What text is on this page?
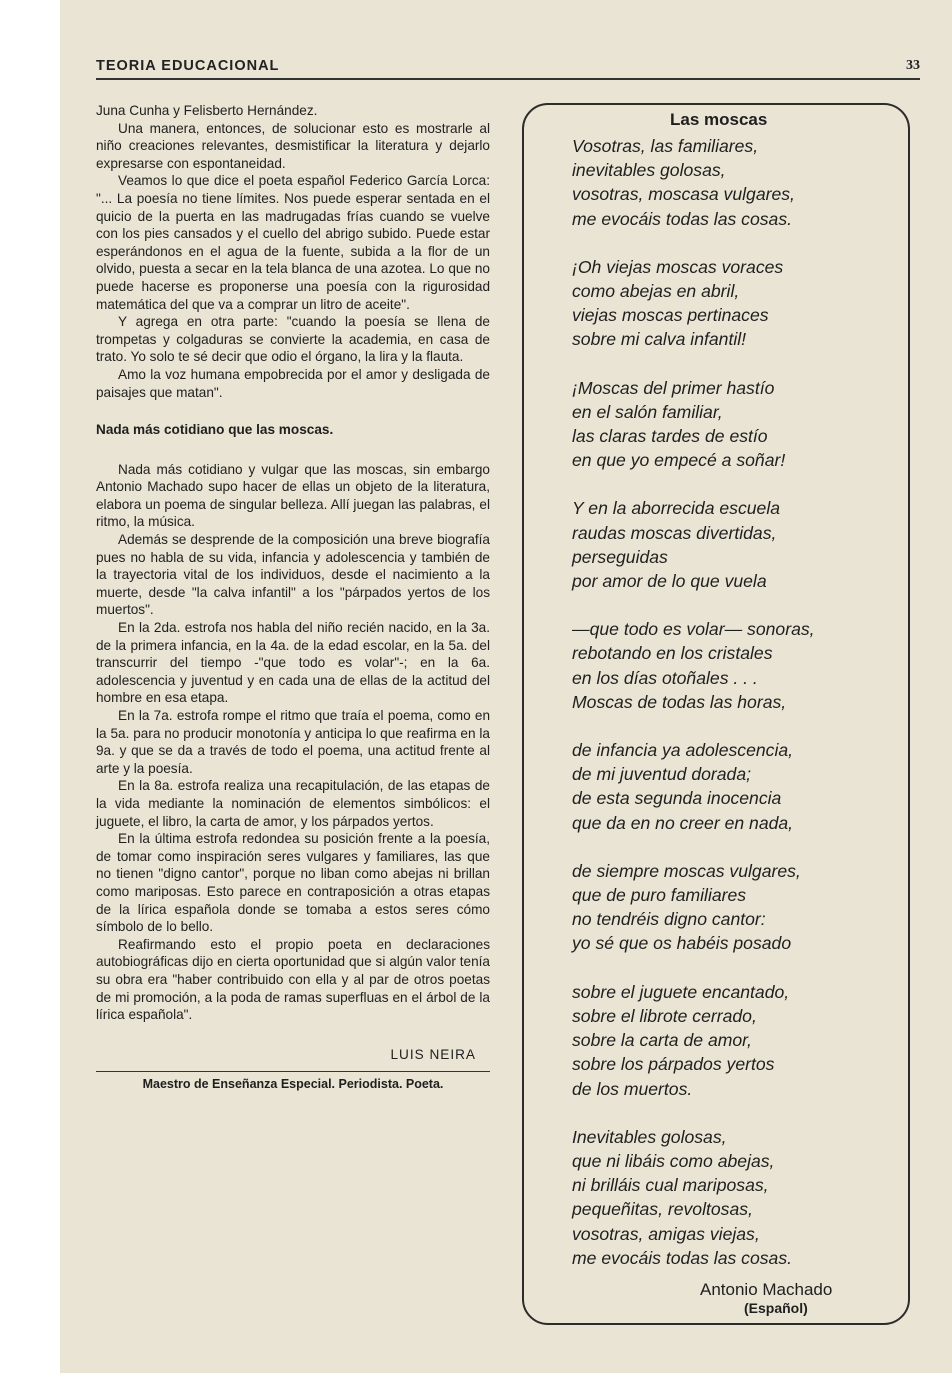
TEORIA EDUCACIONAL	33

Juna Cunha y Felisberto Hernández.

Una manera, entonces, de solucionar esto es mostrarle al niño creaciones relevantes, desmistificar la literatura y dejarlo expresarse con espontaneidad.

Veamos lo que dice el poeta español Federico García Lorca: "... La poesía no tiene límites. Nos puede esperar sentada en el quicio de la puerta en las madrugadas frías cuando se vuelve con los pies cansados y el cuello del abrigo subido. Puede estar esperándonos en el agua de la fuente, subida a la flor de un olvido, puesta a secar en la tela blanca de una azotea. Lo que no puede hacerse es proponerse una poesía con la rigurosidad matemática del que va a comprar un litro de aceite".

Y agrega en otra parte: "cuando la poesía se llena de trompetas y colgaduras se convierte la academia, en casa de trato. Yo solo te sé decir que odio el órgano, la lira y la flauta.

Amo la voz humana empobrecida por el amor y desligada de paisajes que matan".

Nada más cotidiano que las moscas.

Nada más cotidiano y vulgar que las moscas, sin embargo Antonio Machado supo hacer de ellas un objeto de la literatura, elabora un poema de singular belleza. Allí juegan las palabras, el ritmo, la música.

Además se desprende de la composición una breve biografía pues no habla de su vida, infancia y adolescencia y también de la trayectoria vital de los individuos, desde el nacimiento a la muerte, desde "la calva infantil" a los "párpados yertos de los muertos".

En la 2da. estrofa nos habla del niño recién nacido, en la 3a. de la primera infancia, en la 4a. de la edad escolar, en la 5a. del transcurrir del tiempo -"que todo es volar"-; en la 6a. adolescencia y juventud y en cada una de ellas de la actitud del hombre en esa etapa.

En la 7a. estrofa rompe el ritmo que traía el poema, como en la 5a. para no producir monotonía y anticipa lo que reafirma en la 9a. y que se da a través de todo el poema, una actitud frente al arte y la poesía.

En la 8a. estrofa realiza una recapitulación, de las etapas de la vida mediante la nominación de elementos simbólicos: el juguete, el libro, la carta de amor, y los párpados yertos.

En la última estrofa redondea su posición frente a la poesía, de tomar como inspiración seres vulgares y familiares, las que no tienen "digno cantor", porque no liban como abejas ni brillan como mariposas. Esto parece en contraposición a otras etapas de la lírica española donde se tomaba a estos seres cómo símbolo de lo bello.

Reafirmando esto el propio poeta en declaraciones autobiográficas dijo en cierta oportunidad que si algún valor tenía su obra era "haber contribuido con ella y al par de otros poetas de mi promoción, a la poda de ramas superfluas en el árbol de la lírica española".

LUIS NEIRA
Maestro de Enseñanza Especial. Periodista. Poeta.
Las moscas
Vosotras, las familiares,
inevitables golosas,
vosotras, moscasa vulgares,
me evocáis todas las cosas.
¡Oh viejas moscas voraces
como abejas en abril,
viejas moscas pertinaces
sobre mi calva infantil!
¡Moscas del primer hastío
en el salón familiar,
las claras tardes de estío
en que yo empecé a soñar!
Y en la aborrecida escuela
raudas moscas divertidas,
perseguidas
por amor de lo que vuela
—que todo es volar— sonoras,
rebotando en los cristales
en los días otoñales . . .
Moscas de todas las horas,
de infancia ya adolescencia,
de mi juventud dorada;
de esta segunda inocencia
que da en no creer en nada,
de siempre moscas vulgares,
que de puro familiares
no tendréis digno cantor:
yo sé que os habéis posado
sobre el juguete encantado,
sobre el librote cerrado,
sobre la carta de amor,
sobre los párpados yertos
de los muertos.
Inevitables golosas,
que ni libáis como abejas,
ni brilláis cual mariposas,
pequeñitas, revoltosas,
vosotras, amigas viejas,
me evocáis todas las cosas.
Antonio Machado
(Español)
